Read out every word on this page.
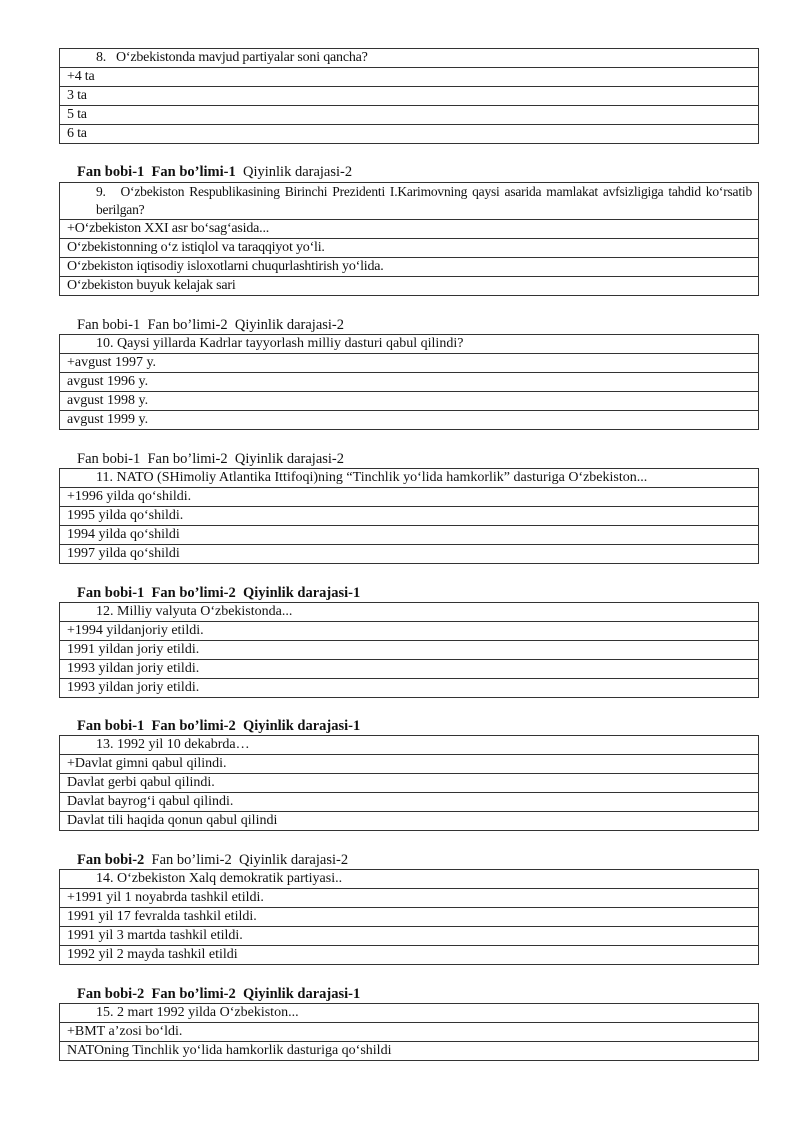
8.   O‘zbekistonda mavjud partiyalar soni qancha?
+4 ta
3 ta
5 ta
6 ta
Fan bobi-1 Fan bo’limi-1 Qiyinlik darajasi-2
9.   O‘zbekiston Respublikasining Birinchi Prezidenti I.Karimovning qaysi asarida mamlakat avfsizligiga tahdid ko‘rsatib berilgan?
+O‘zbekiston XXI asr bo‘sag‘asida...
O‘zbekistonning o‘z istiqlol va taraqqiyot yo‘li.
O‘zbekiston iqtisodiy isloxotlarni chuqurlashtirish yo‘lida.
O‘zbekiston buyuk kelajak sari
Fan bobi-1 Fan bo’limi-2 Qiyinlik darajasi-2
10. Qaysi yillarda Kadrlar tayyorlash milliy dasturi qabul qilindi?
+avgust 1997 y.
avgust 1996 y.
avgust 1998 y.
avgust 1999 y.
Fan bobi-1 Fan bo’limi-2 Qiyinlik darajasi-2
11. NATO (SHimoliy Atlantika Ittifoqi)ning “Tinchlik yo‘lida hamkorlik” dasturiga O‘zbekiston...
+1996 yilda qo‘shildi.
1995 yilda qo‘shildi.
1994 yilda qo‘shildi
1997 yilda qo‘shildi
Fan bobi-1 Fan bo’limi-2 Qiyinlik darajasi-1
12. Milliy valyuta O‘zbekistonda...
+1994 yildanjoriy etildi.
1991 yildan joriy etildi.
1993 yildan joriy etildi.
1993 yildan joriy etildi.
Fan bobi-1 Fan bo’limi-2 Qiyinlik darajasi-1
13. 1992 yil 10 dekabrda…
+Davlat gimni qabul qilindi.
Davlat gerbi qabul qilindi.
Davlat bayrog‘i qabul qilindi.
Davlat tili haqida qonun qabul qilindi
Fan bobi-2 Fan bo’limi-2 Qiyinlik darajasi-2
14. O‘zbekiston Xalq demokratik partiyasi..
+1991 yil 1 noyabrda tashkil etildi.
1991 yil 17 fevralda tashkil etildi.
1991 yil 3 martda tashkil etildi.
1992 yil 2 mayda tashkil etildi
Fan bobi-2 Fan bo’limi-2 Qiyinlik darajasi-1
15. 2 mart 1992 yilda O‘zbekiston...
+BMT a’zosi bo‘ldi.
NATOning Tinchlik yo‘lida hamkorlik dasturiga qo‘shildi
